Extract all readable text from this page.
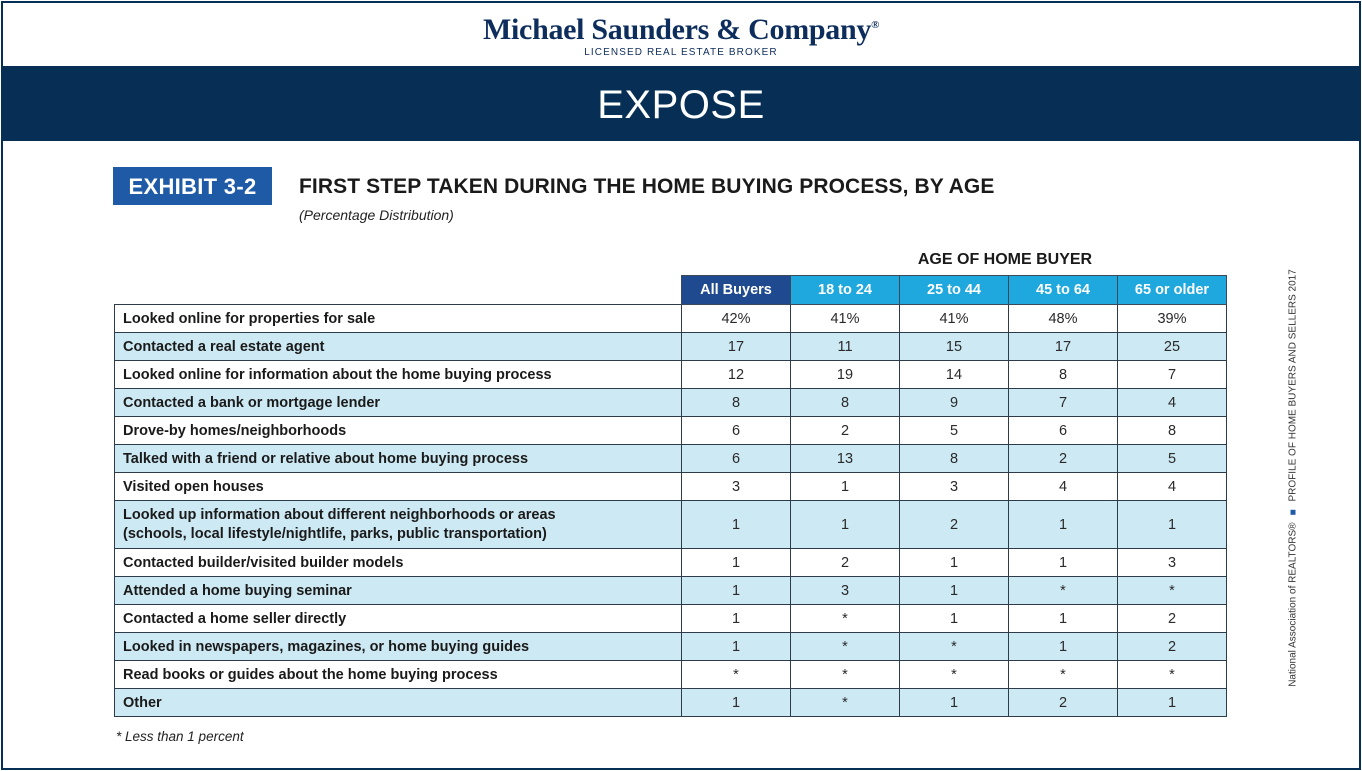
Michael Saunders & Company®
LICENSED REAL ESTATE BROKER
EXPOSE
EXHIBIT 3-2	FIRST STEP TAKEN DURING THE HOME BUYING PROCESS, BY AGE
(Percentage Distribution)
AGE OF HOME BUYER
	All Buyers	18 to 24	25 to 44	45 to 64	65 or older
Looked online for properties for sale	42%	41%	41%	48%	39%
Contacted a real estate agent	17	11	15	17	25
Looked online for information about the home buying process	12	19	14	8	7
Contacted a bank or mortgage lender	8	8	9	7	4
Drove-by homes/neighborhoods	6	2	5	6	8
Talked with a friend or relative about home buying process	6	13	8	2	5
Visited open houses	3	1	3	4	4
Looked up information about different neighborhoods or areas
(schools, local lifestyle/nightlife, parks, public transportation)	1	1	2	1	1
Contacted builder/visited builder models	1	2	1	1	3
Attended a home buying seminar	1	3	1	*	*
Contacted a home seller directly	1	*	1	1	2
Looked in newspapers, magazines, or home buying guides	1	*	*	1	2
Read books or guides about the home buying process	*	*	*	*	*
Other	1	*	1	2	1
* Less than 1 percent
National Association of REALTORS®PROFILE OF HOME BUYERS AND SELLERS 2017
